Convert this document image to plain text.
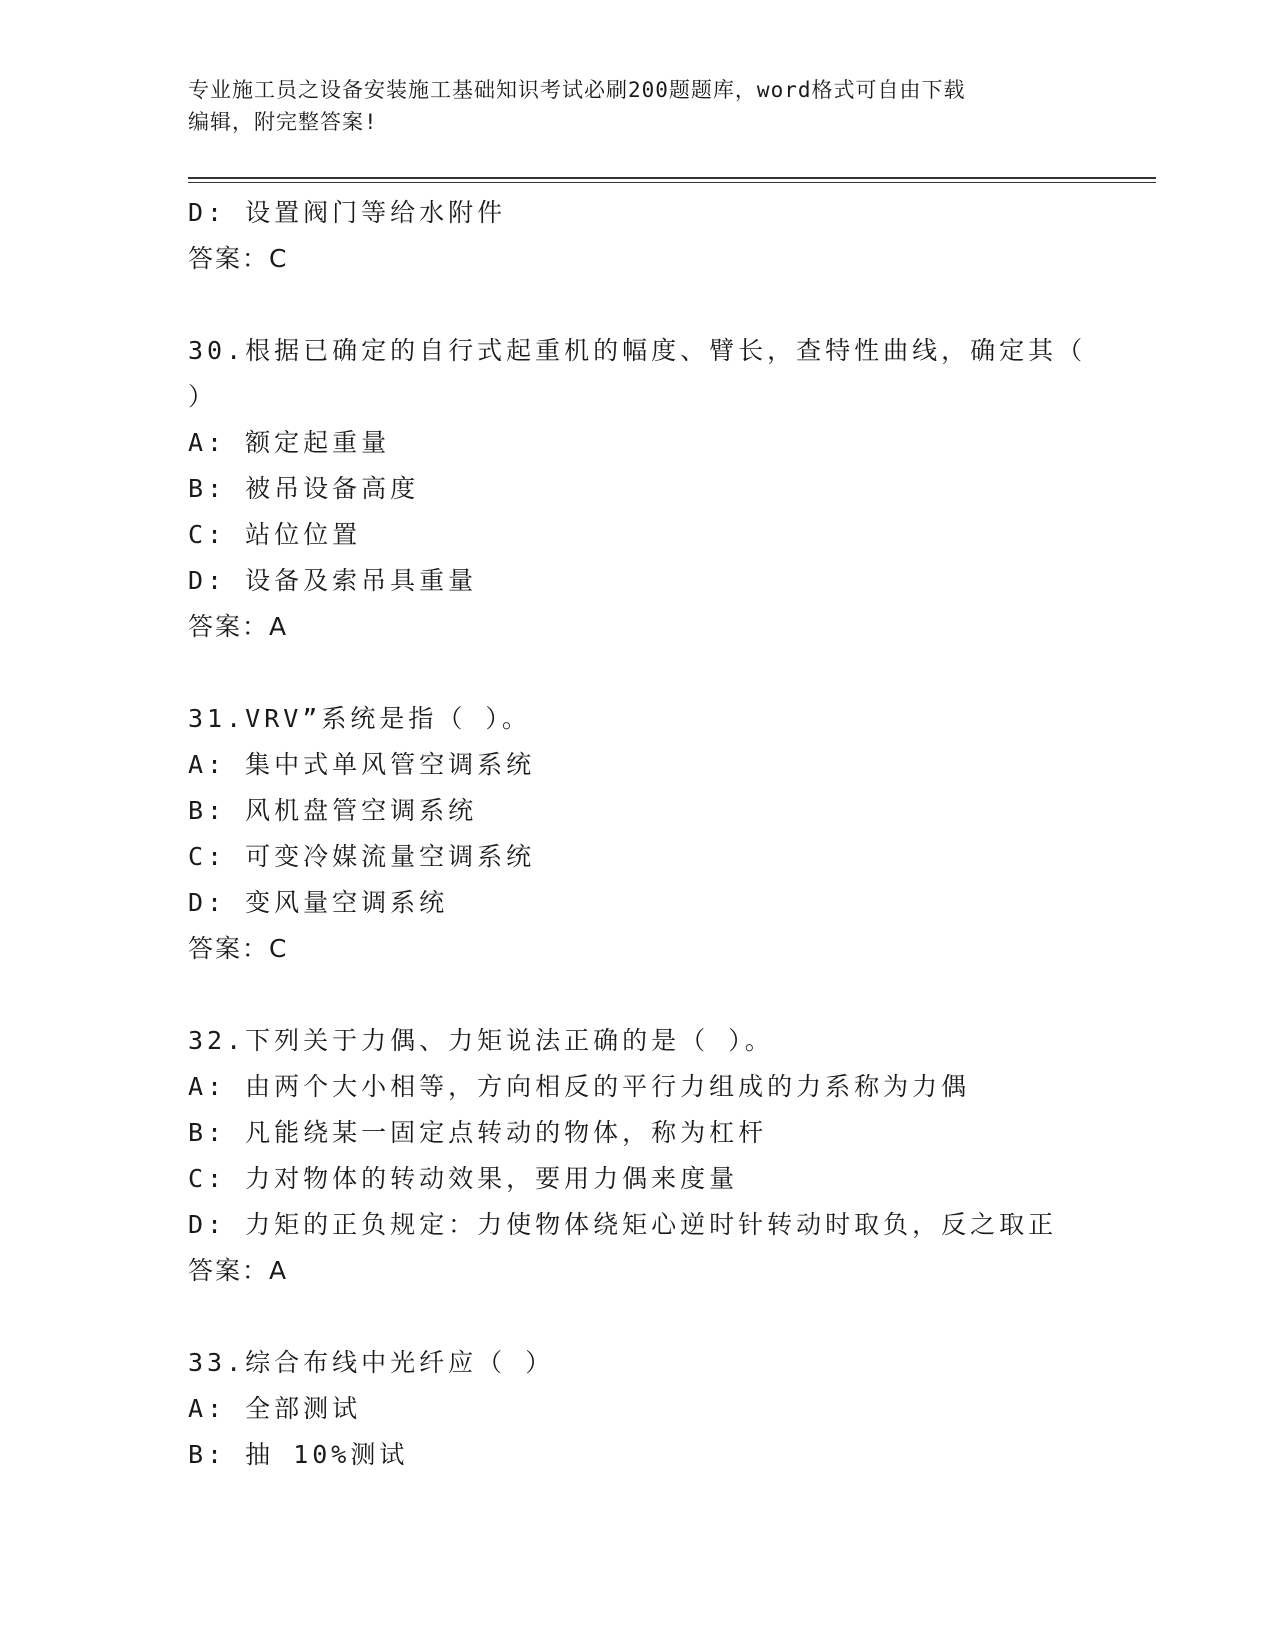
专业施工员之设备安装施工基础知识考试必刷200题题库，word格式可自由下载
编辑，附完整答案!
D: 设置阀门等给水附件
答案：C
30.根据已确定的自行式起重机的幅度、臂长，查特性曲线，确定其（
）
A: 额定起重量
B: 被吊设备高度
C: 站位位置
D: 设备及索吊具重量
答案：A
31.VRV”系统是指（ ）。
A: 集中式单风管空调系统
B: 风机盘管空调系统
C: 可变冷媒流量空调系统
D: 变风量空调系统
答案：C
32.下列关于力偶、力矩说法正确的是（ ）。
A: 由两个大小相等，方向相反的平行力组成的力系称为力偶
B: 凡能绕某一固定点转动的物体，称为杠杆
C: 力对物体的转动效果，要用力偶来度量
D: 力矩的正负规定：力使物体绕矩心逆时针转动时取负，反之取正
答案：A
33.综合布线中光纤应（ ）
A: 全部测试
B: 抽 10%测试
